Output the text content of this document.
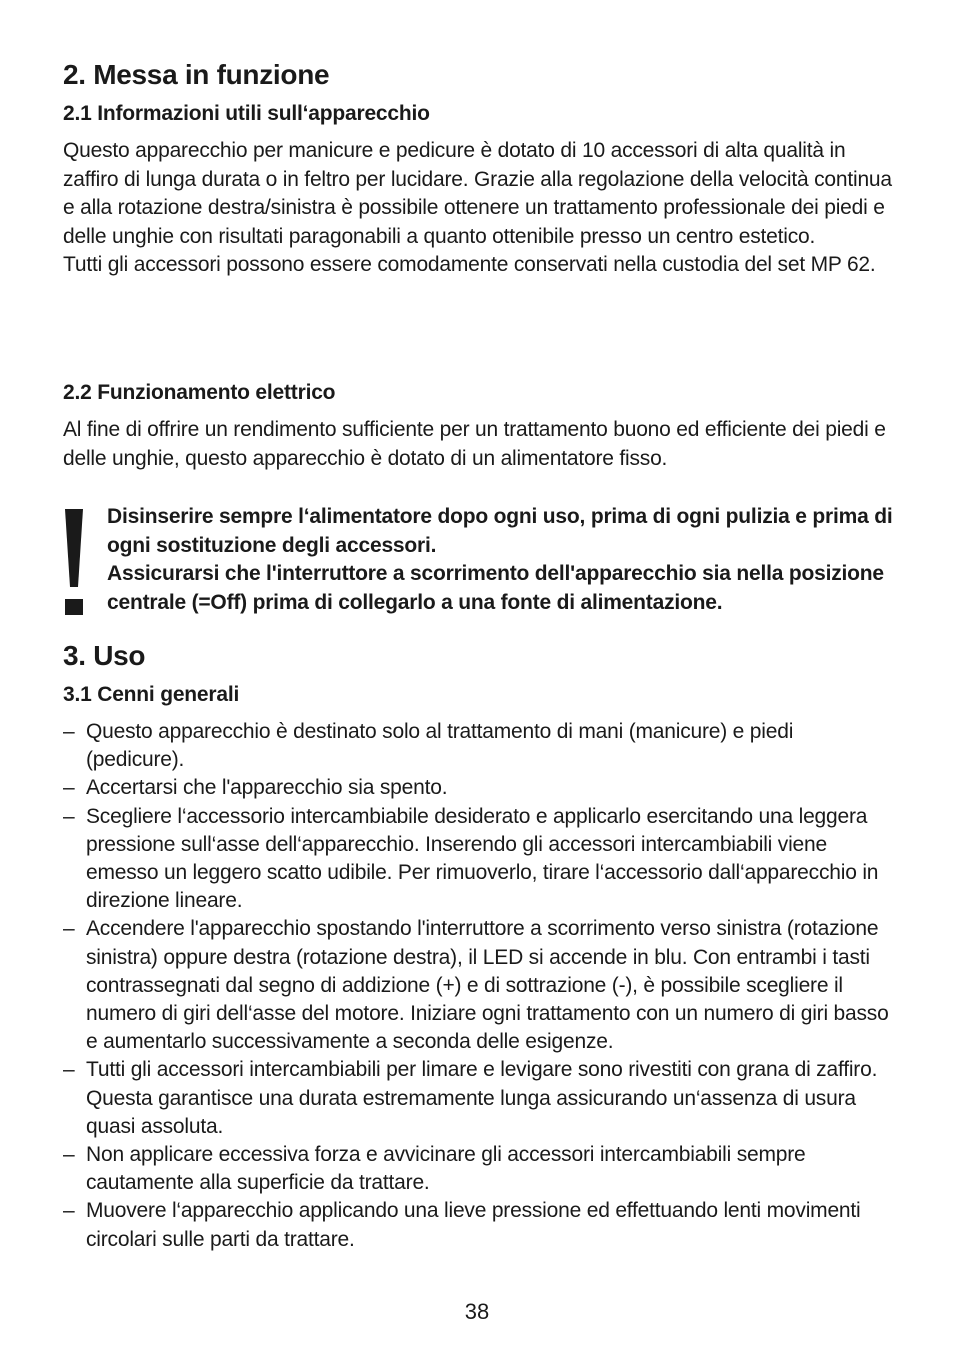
2. Messa in funzione
2.1 Informazioni utili sull‘apparecchio

Questo apparecchio per manicure e pedicure è dotato di 10 accessori di alta qualità in zaffiro di lunga durata o in feltro per lucidare. Grazie alla regolazione della velocità continua e alla rotazione destra/sinistra è possibile ottenere un trattamento professionale dei piedi e delle unghie con risultati paragonabili a quanto ottenibile presso un centro estetico.

Tutti gli accessori possono essere comodamente conservati nella custodia del set MP 62.

2.2 Funzionamento elettrico

Al fine di offrire un rendimento sufficiente per un trattamento buono ed efficiente dei piedi e delle unghie, questo apparecchio è dotato di un alimentatore fisso.

Disinserire sempre l‘alimentatore dopo ogni uso, prima di ogni pulizia e prima di ogni sostituzione degli accessori.
Assicurarsi che l'interruttore a scorrimento dell'apparecchio sia nella posizione centrale (=Off) prima di collegarlo a una fonte di alimentazione.
3. Uso
3.1 Cenni generali
– Questo apparecchio è destinato solo al trattamento di mani (manicure) e piedi (pedicure).
– Accertarsi che l'apparecchio sia spento.
– Scegliere l‘accessorio intercambiabile desiderato e applicarlo esercitando una leggera pressione sull‘asse dell‘apparecchio. Inserendo gli accessori intercambiabili viene emesso un leggero scatto udibile. Per rimuoverlo, tirare l‘accessorio dall‘apparecchio in direzione lineare.
– Accendere l'apparecchio spostando l'interruttore a scorrimento verso sinistra (rotazione sinistra) oppure destra (rotazione destra), il LED si accende in blu. Con entrambi i tasti contrassegnati dal segno di addizione (+) e di sottrazione (-), è possibile scegliere il numero di giri dell‘asse del motore. Iniziare ogni trattamento con un numero di giri basso e aumentarlo successivamente a seconda delle esigenze.
– Tutti gli accessori intercambiabili per limare e levigare sono rivestiti con grana di zaffiro. Questa garantisce una durata estremamente lunga assicurando un‘assenza di usura quasi assoluta.
– Non applicare eccessiva forza e avvicinare gli accessori intercambiabili sempre cautamente alla superficie da trattare.
– Muovere l‘apparecchio applicando una lieve pressione ed effettuando lenti movimenti circolari sulle parti da trattare.
38
